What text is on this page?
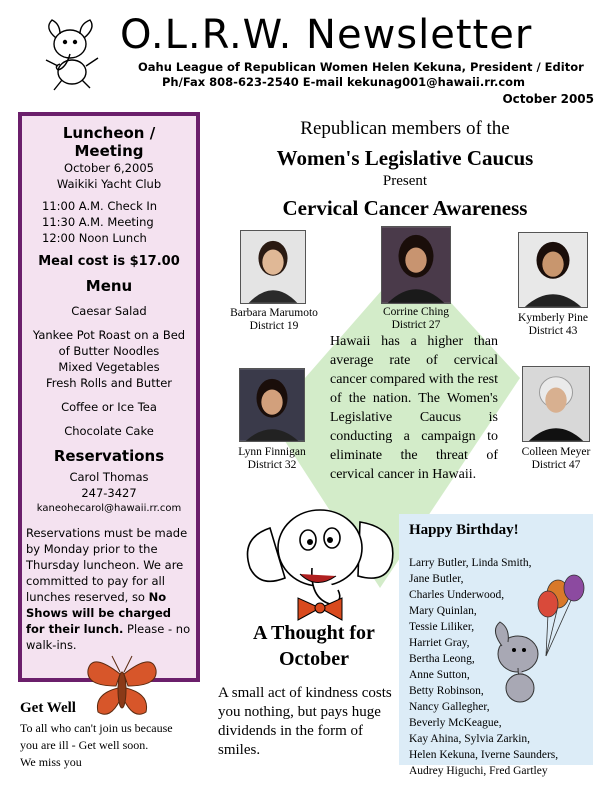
O.L.R.W. Newsletter
Oahu League of Republican Women Helen Kekuna, President / Editor
Ph/Fax 808-623-2540 E-mail kekunag001@hawaii.rr.com
October 2005
Luncheon / Meeting
October 6,2005
Waikiki Yacht Club
11:00 A.M. Check In
11:30 A.M. Meeting
12:00 Noon Lunch
Meal cost is $17.00
Menu
Caesar Salad
Yankee Pot Roast on a Bed of Butter Noodles
Mixed Vegetables
Fresh Rolls and Butter
Coffee or Ice Tea
Chocolate Cake
Reservations
Carol Thomas
247-3427
kaneohecarol@hawaii.rr.com
Reservations must be made by Monday prior to the Thursday luncheon. We are committed to pay for all lunches reserved, so No Shows will be charged for their lunch. Please - no walk-ins.
Get Well
To all who can't join us because
you are ill - Get well soon.
We miss you
Republican members of the
Women's Legislative Caucus
Present
Cervical Cancer Awareness
Barbara Marumoto
District 19
Corrine Ching
District 27
Kymberly Pine
District 43
Lynn Finnigan
District 32
Colleen Meyer
District 47
Hawaii has a higher than average rate of cervical cancer compared with the rest of the nation. The Women's Legislative Caucus is conducting a campaign to eliminate the threat of cervical cancer in Hawaii.
A Thought for
October
A small act of kindness costs you nothing, but pays huge dividends in the form of smiles.
Happy Birthday!
Larry Butler, Linda Smith,
Jane Butler,
Charles Underwood,
Mary Quinlan,
Tessie Liliker,
Harriet Gray,
Bertha Leong,
Anne Sutton,
Betty Robinson,
Nancy Gallegher,
Beverly McKeague,
Kay Ahina, Sylvia Zarkin,
Helen Kekuna, Iverne Saunders,
Audrey Higuchi, Fred Gartley
